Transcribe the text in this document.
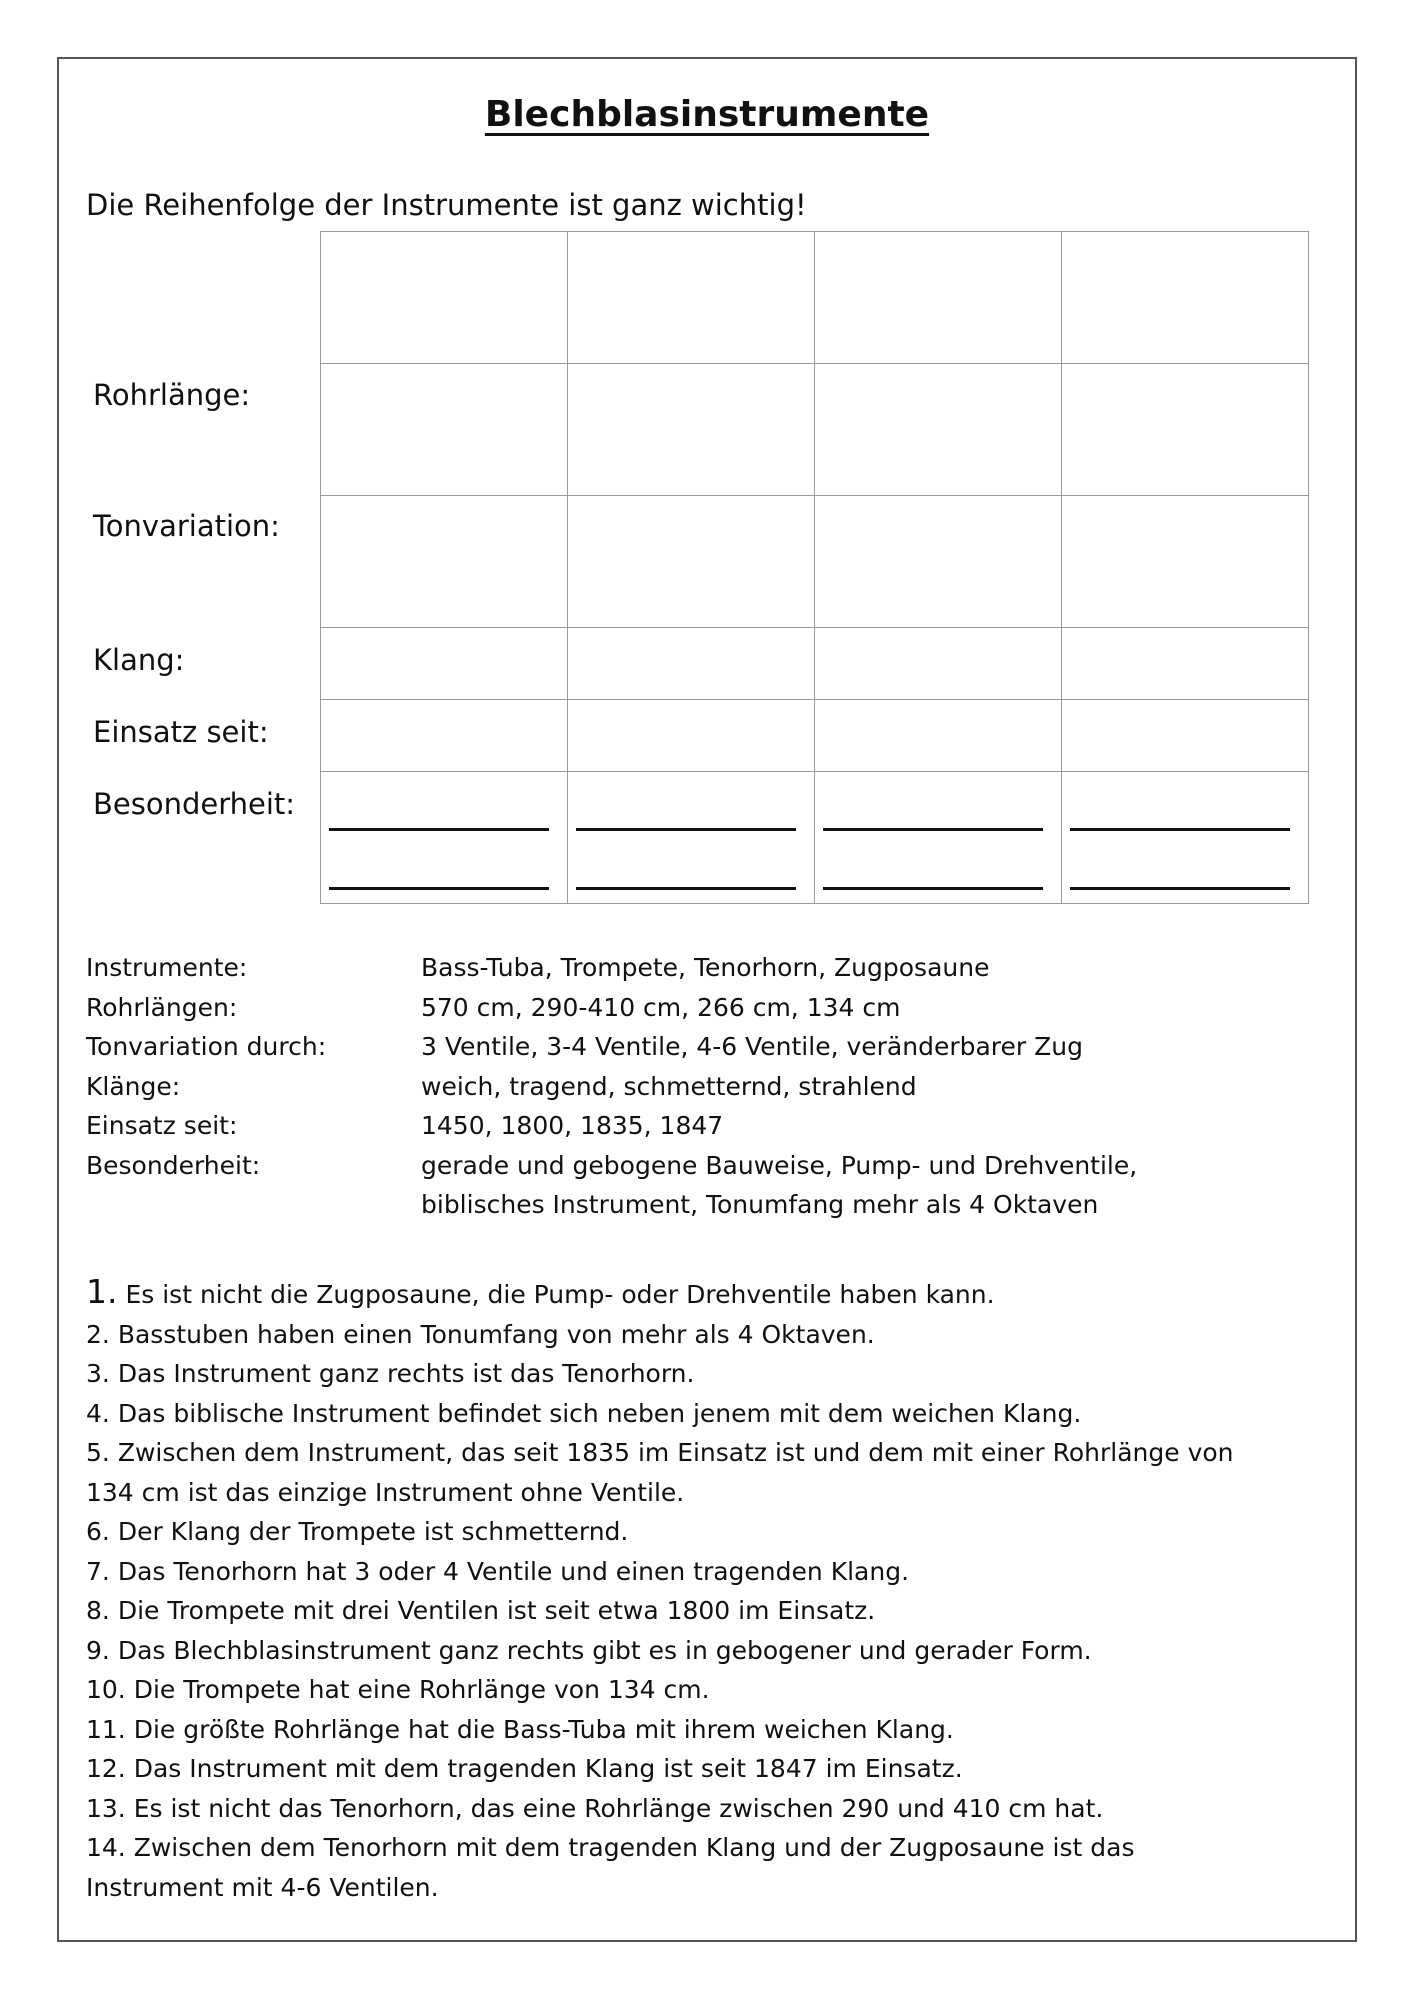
Blechblasinstrumente

Die Reihenfolge der Instrumente ist ganz wichtig!

Rohrlänge:

Tonvariation:

Klang:

Einsatz seit:

Besonderheit:

Instrumente:	Bass-Tuba, Trompete, Tenorhorn, Zugposaune
Rohrlängen:	570 cm, 290-410 cm, 266 cm, 134 cm
Tonvariation durch:	3 Ventile, 3-4 Ventile, 4-6 Ventile, veränderbarer Zug
Klänge:	weich, tragend, schmetternd, strahlend
Einsatz seit:	1450, 1800, 1835, 1847
Besonderheit:	gerade und gebogene Bauweise, Pump- und Drehventile,
biblisches Instrument, Tonumfang mehr als 4 Oktaven
1. Es ist nicht die Zugposaune, die Pump- oder Drehventile haben kann.
2. Basstuben haben einen Tonumfang von mehr als 4 Oktaven.
3. Das Instrument ganz rechts ist das Tenorhorn.
4. Das biblische Instrument befindet sich neben jenem mit dem weichen Klang.
5. Zwischen dem Instrument, das seit 1835 im Einsatz ist und dem mit einer Rohrlänge von
134 cm ist das einzige Instrument ohne Ventile.
6. Der Klang der Trompete ist schmetternd.
7. Das Tenorhorn hat 3 oder 4 Ventile und einen tragenden Klang.
8. Die Trompete mit drei Ventilen ist seit etwa 1800 im Einsatz.
9. Das Blechblasinstrument ganz rechts gibt es in gebogener und gerader Form.
10. Die Trompete hat eine Rohrlänge von 134 cm.
11. Die größte Rohrlänge hat die Bass-Tuba mit ihrem weichen Klang.
12. Das Instrument mit dem tragenden Klang ist seit 1847 im Einsatz.
13. Es ist nicht das Tenorhorn, das eine Rohrlänge zwischen 290 und 410 cm hat.
14. Zwischen dem Tenorhorn mit dem tragenden Klang und der Zugposaune ist das
Instrument mit 4-6 Ventilen.
